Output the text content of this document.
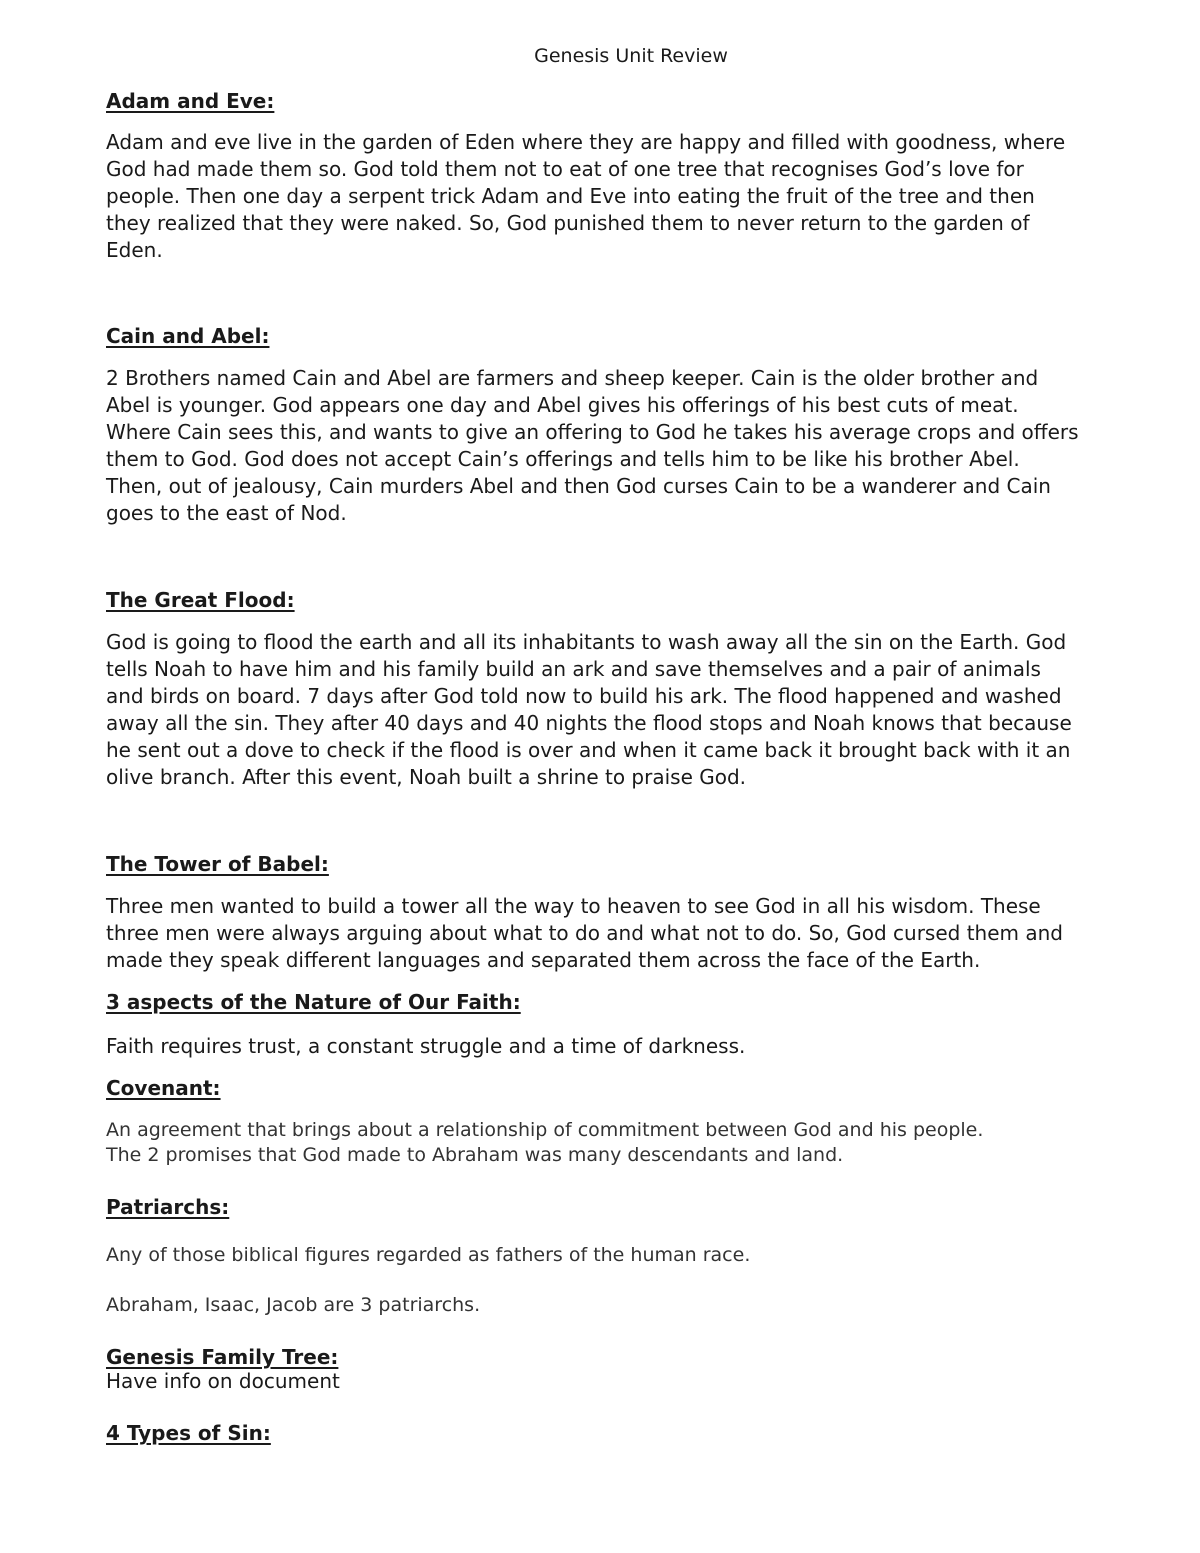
Genesis Unit Review
Adam and Eve:
Adam and eve live in the garden of Eden where they are happy and filled with goodness, where
God had made them so. God told them not to eat of one tree that recognises God’s love for
people. Then one day a serpent trick Adam and Eve into eating the fruit of the tree and then
they realized that they were naked. So, God punished them to never return to the garden of
Eden.
Cain and Abel:
2 Brothers named Cain and Abel are farmers and sheep keeper. Cain is the older brother and
Abel is younger. God appears one day and Abel gives his offerings of his best cuts of meat.
Where Cain sees this, and wants to give an offering to God he takes his average crops and offers
them to God. God does not accept Cain’s offerings and tells him to be like his brother Abel.
Then, out of jealousy, Cain murders Abel and then God curses Cain to be a wanderer and Cain
goes to the east of Nod.
The Great Flood:
God is going to flood the earth and all its inhabitants to wash away all the sin on the Earth. God
tells Noah to have him and his family build an ark and save themselves and a pair of animals
and birds on board. 7 days after God told now to build his ark. The flood happened and washed
away all the sin. They after 40 days and 40 nights the flood stops and Noah knows that because
he sent out a dove to check if the flood is over and when it came back it brought back with it an
olive branch. After this event, Noah built a shrine to praise God.
The Tower of Babel:
Three men wanted to build a tower all the way to heaven to see God in all his wisdom. These
three men were always arguing about what to do and what not to do. So, God cursed them and
made they speak different languages and separated them across the face of the Earth.
3 aspects of the Nature of Our Faith:
Faith requires trust, a constant struggle and a time of darkness.
Covenant:
An agreement that brings about a relationship of commitment between God and his people.
The 2 promises that God made to Abraham was many descendants and land.
Patriarchs:
Any of those biblical figures regarded as fathers of the human race.
Abraham, Isaac, Jacob are 3 patriarchs.
Genesis Family Tree:
Have info on document
4 Types of Sin:
